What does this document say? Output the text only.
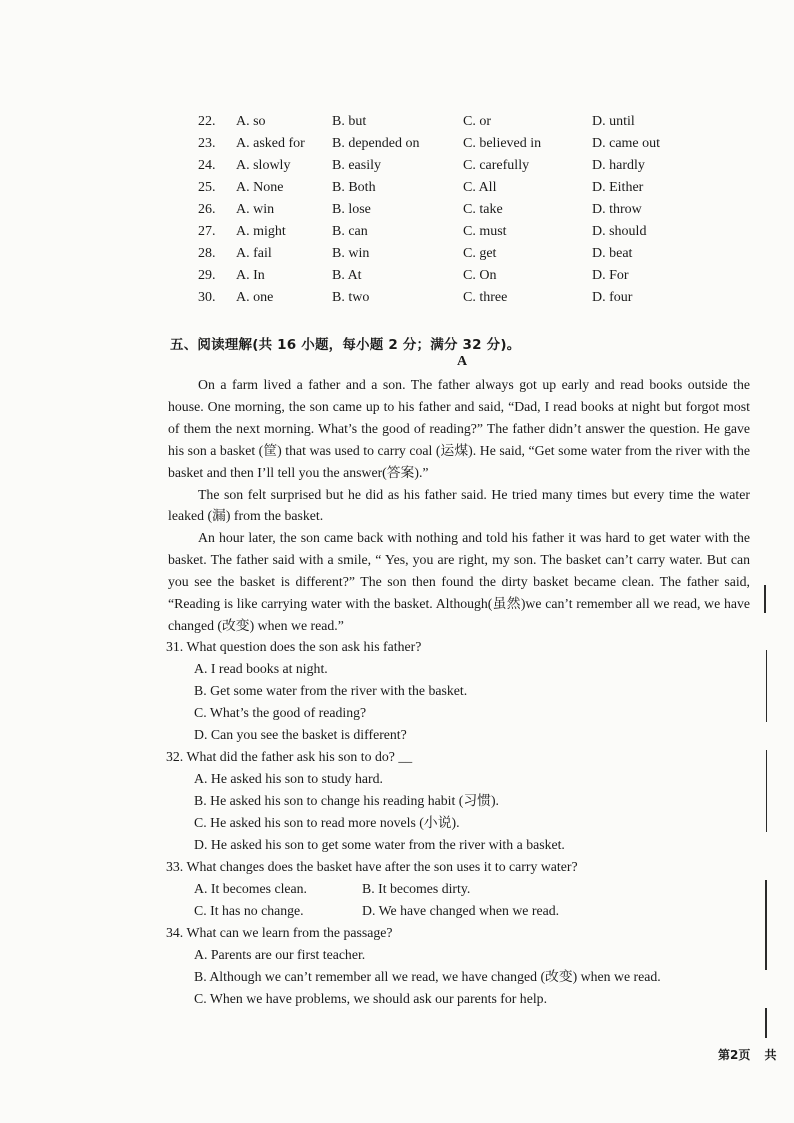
22. A. so	B. but	C. or	D. until
23. A. asked for B. depended on	C. believed in	D. came out
24. A. slowly	B. easily	C. carefully	D. hardly
25. A. None	B. Both	C. All	D. Either
26. A. win	B. lose	C. take	D. throw
27. A. might	B. can	C. must	D. should
28. A. fail	B. win	C. get	D. beat
29. A. In	B. At	C. On	D. For
30. A. one	B. two	C. three	D. four
五、阅读理解(共 16 小题，每小题 2 分；满分 32 分)。
A

On a farm lived a father and a son. The father always got up early and read books outside the house. One morning, the son came up to his father and said, “Dad, I read books at night but forgot most of them the next morning. What’s the good of reading?” The father didn’t answer the question. He gave his son a basket (筐) that was used to carry coal (运煤). He said, “Get some water from the river with the basket and then I’ll tell you the answer(答案).”

The son felt surprised but he did as his father said. He tried many times but every time the water leaked (漏) from the basket.

An hour later, the son came back with nothing and told his father it was hard to get water with the basket. The father said with a smile, “ Yes, you are right, my son. The basket can’t carry water. But can you see the basket is different?” The son then found the dirty basket became clean. The father said, “Reading is like carrying water with the basket. Although(虽然)we can’t remember all we read, we have changed (改变) when we read.”

31. What question does the son ask his father?
A. I read books at night.
B. Get some water from the river with the basket.
C. What’s the good of reading?
D. Can you see the basket is different?
32. What did the father ask his son to do? __
A. He asked his son to study hard.
B. He asked his son to change his reading habit (习惯).
C. He asked his son to read more novels (小说).
D. He asked his son to get some water from the river with a basket.
33. What changes does the basket have after the son uses it to carry water?
A. It becomes clean.	B. It becomes dirty.
C. It has no change.	D. We have changed when we read.
34. What can we learn from the passage?
A. Parents are our first teacher.
B. Although we can’t remember all we read, we have changed (改变) when we read.
C. When we have problems, we should ask our parents for help.
第2页 共
